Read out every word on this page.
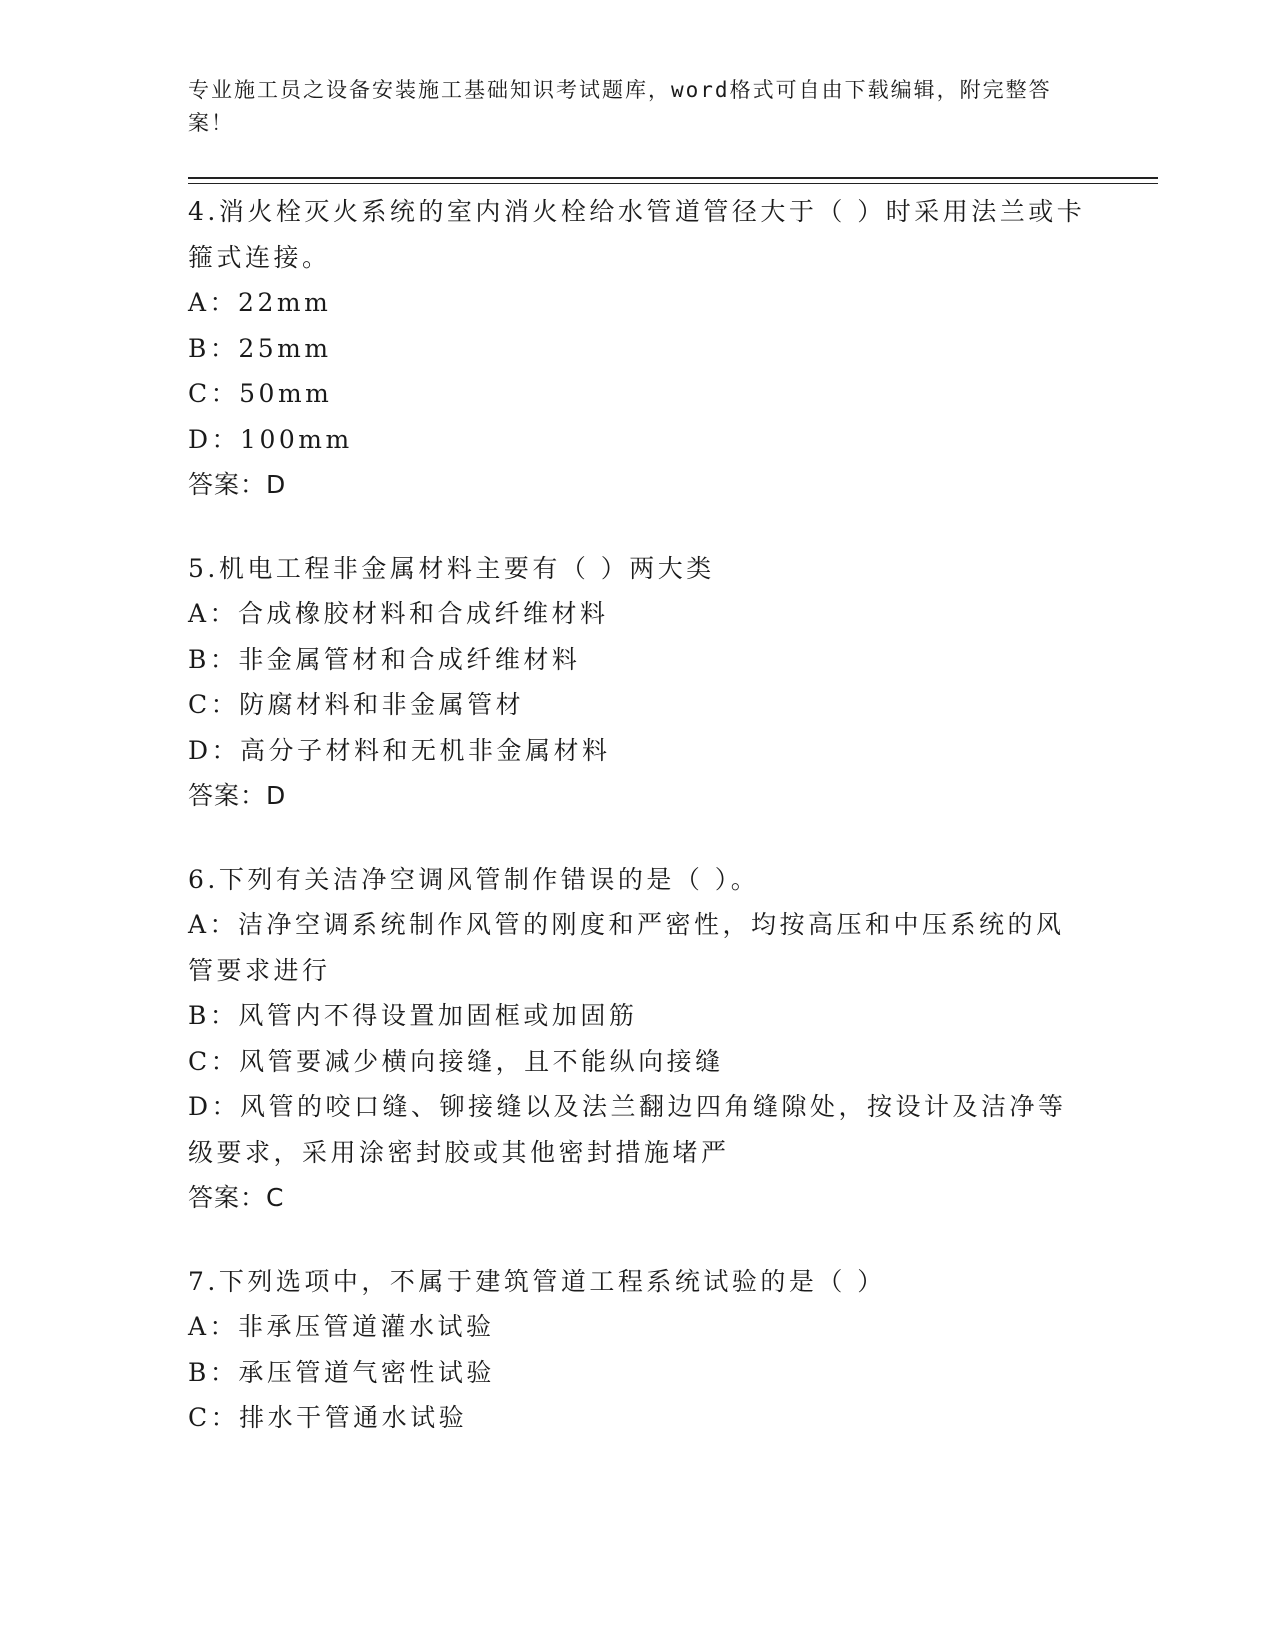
专业施工员之设备安装施工基础知识考试题库，word格式可自由下载编辑，附完整答案！
4.消火栓灭火系统的室内消火栓给水管道管径大于（ ）时采用法兰或卡箍式连接。
A：22mm
B：25mm
C：50mm
D：100mm
答案：D
5.机电工程非金属材料主要有（ ）两大类
A：合成橡胶材料和合成纤维材料
B：非金属管材和合成纤维材料
C：防腐材料和非金属管材
D：高分子材料和无机非金属材料
答案：D
6.下列有关洁净空调风管制作错误的是（ ）。
A：洁净空调系统制作风管的刚度和严密性，均按高压和中压系统的风管要求进行
B：风管内不得设置加固框或加固筋
C：风管要减少横向接缝，且不能纵向接缝
D：风管的咬口缝、铆接缝以及法兰翻边四角缝隙处，按设计及洁净等级要求，采用涂密封胶或其他密封措施堵严
答案：C
7.下列选项中，不属于建筑管道工程系统试验的是（ ）
A：非承压管道灌水试验
B：承压管道气密性试验
C：排水干管通水试验
